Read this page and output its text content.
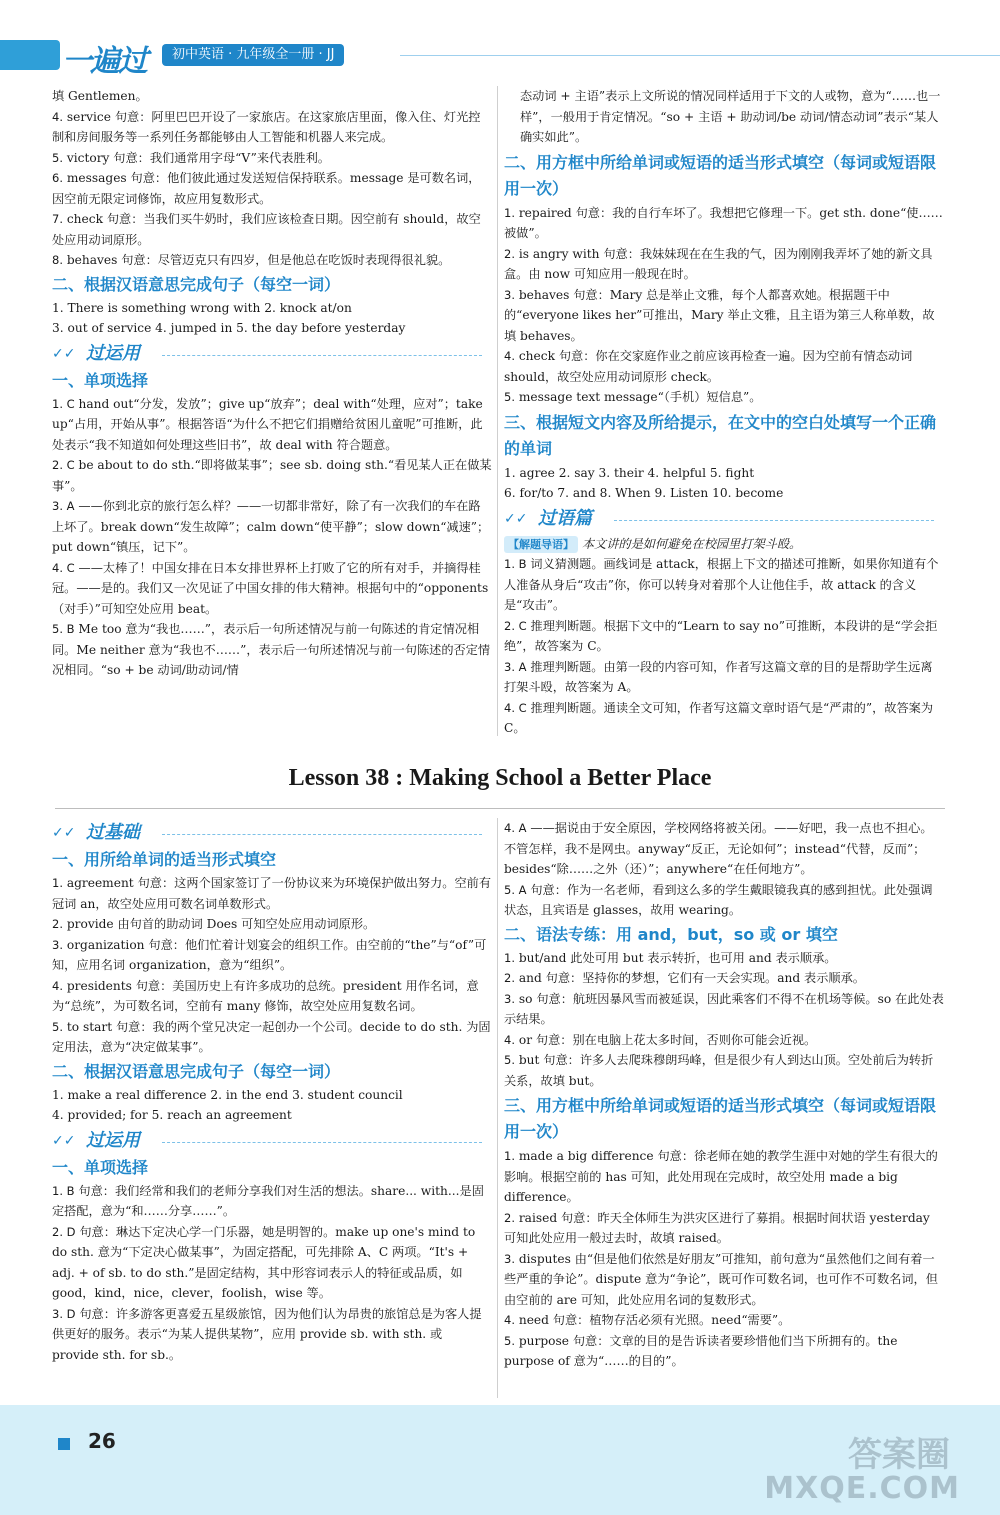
一遍过	初中英语 · 九年级全一册 · JJ

填 Gentlemen。

4. service 句意：阿里巴巴开设了一家旅店。在这家旅店里面，像入住、灯光控制和房间服务等一系列任务都能够由人工智能和机器人来完成。

5. victory 句意：我们通常用字母“V”来代表胜利。

6. messages 句意：他们彼此通过发送短信保持联系。message 是可数名词，因空前无限定词修饰，故应用复数形式。

7. check 句意：当我们买牛奶时，我们应该检查日期。因空前有 should，故空处应用动词原形。

8. behaves 句意：尽管迈克只有四岁，但是他总在吃饭时表现得很礼貌。

二、根据汉语意思完成句子（每空一词）

1. There is something wrong with 2. knock at/on

3. out of service 4. jumped in 5. the day before yesterday

✓✓ 过运用
一、单项选择

1. C hand out“分发，发放”；give up“放弃”；deal with“处理，应对”；take up“占用，开始从事”。根据答语“为什么不把它们捐赠给贫困儿童呢”可推断，此处表示“我不知道如何处理这些旧书”，故 deal with 符合题意。

2. C be about to do sth.“即将做某事”；see sb. doing sth.“看见某人正在做某事”。

3. A ——你到北京的旅行怎么样？——一切都非常好，除了有一次我们的车在路上坏了。break down“发生故障”；calm down“使平静”；slow down“减速”；put down“镇压，记下”。

4. C ——太棒了！中国女排在日本女排世界杯上打败了它的所有对手，并摘得桂冠。——是的。我们又一次见证了中国女排的伟大精神。根据句中的“opponents（对手）”可知空处应用 beat。

5. B Me too 意为“我也……”，表示后一句所述情况与前一句陈述的肯定情况相同。Me neither 意为“我也不……”，表示后一句所述情况与前一句陈述的否定情况相同。“so + be 动词/助动词/情

态动词 + 主语”表示上文所说的情况同样适用于下文的人或物，意为“……也一样”，一般用于肯定情况。“so + 主语 + 助动词/be 动词/情态动词”表示“某人确实如此”。

二、用方框中所给单词或短语的适当形式填空（每词或短语限用一次）

1. repaired 句意：我的自行车坏了。我想把它修理一下。get sth. done“使……被做”。

2. is angry with 句意：我妹妹现在在生我的气，因为刚刚我弄坏了她的新文具盒。由 now 可知应用一般现在时。

3. behaves 句意：Mary 总是举止文雅，每个人都喜欢她。根据题干中的“everyone likes her”可推出，Mary 举止文雅，且主语为第三人称单数，故填 behaves。

4. check 句意：你在交家庭作业之前应该再检查一遍。因为空前有情态动词 should，故空处应用动词原形 check。

5. message text message“（手机）短信息”。

三、根据短文内容及所给提示，在文中的空白处填写一个正确的单词

1. agree 2. say 3. their 4. helpful 5. fight

6. for/to 7. and 8. When 9. Listen 10. become

✓✓ 过语篇

【解题导语】 本文讲的是如何避免在校园里打架斗殴。

1. B 词义猜测题。画线词是 attack，根据上下文的描述可推断，如果你知道有个人准备从身后“攻击”你，你可以转身对着那个人让他住手，故 attack 的含义是“攻击”。

2. C 推理判断题。根据下文中的“Learn to say no”可推断，本段讲的是“学会拒绝”，故答案为 C。

3. A 推理判断题。由第一段的内容可知，作者写这篇文章的目的是帮助学生远离打架斗殴，故答案为 A。

4. C 推理判断题。通读全文可知，作者写这篇文章时语气是“严肃的”，故答案为 C。

Lesson 38 : Making School a Better Place
✓✓ 过基础
一、用所给单词的适当形式填空

1. agreement 句意：这两个国家签订了一份协议来为环境保护做出努力。空前有冠词 an，故空处应用可数名词单数形式。

2. provide 由句首的助动词 Does 可知空处应用动词原形。

3. organization 句意：他们忙着计划宴会的组织工作。由空前的“the”与“of”可知，应用名词 organization，意为“组织”。

4. presidents 句意：美国历史上有许多成功的总统。president 用作名词，意为“总统”，为可数名词，空前有 many 修饰，故空处应用复数名词。

5. to start 句意：我的两个堂兄决定一起创办一个公司。decide to do sth. 为固定用法，意为“决定做某事”。

二、根据汉语意思完成句子（每空一词）

1. make a real difference 2. in the end 3. student council

4. provided; for 5. reach an agreement

✓✓ 过运用
一、单项选择

1. B 句意：我们经常和我们的老师分享我们对生活的想法。share... with...是固定搭配，意为“和……分享……”。

2. D 句意：琳达下定决心学一门乐器，她是明智的。make up one's mind to do sth. 意为“下定决心做某事”，为固定搭配，可先排除 A、C 两项。“It's + adj. + of sb. to do sth.”是固定结构，其中形容词表示人的特征或品质，如 good，kind，nice，clever，foolish，wise 等。

3. D 句意：许多游客更喜爱五星级旅馆，因为他们认为昂贵的旅馆总是为客人提供更好的服务。表示“为某人提供某物”，应用 provide sb. with sth. 或 provide sth. for sb.。

4. A ——据说由于安全原因，学校网络将被关闭。——好吧，我一点也不担心。不管怎样，我不是网虫。anyway“反正，无论如何”；instead“代替，反而”；besides“除……之外（还）”；anywhere“在任何地方”。

5. A 句意：作为一名老师，看到这么多的学生戴眼镜我真的感到担忧。此处强调状态，且宾语是 glasses，故用 wearing。

二、语法专练：用 and，but，so 或 or 填空

1. but/and 此处可用 but 表示转折，也可用 and 表示顺承。

2. and 句意：坚持你的梦想，它们有一天会实现。and 表示顺承。

3. so 句意：航班因暴风雪而被延误，因此乘客们不得不在机场等候。so 在此处表示结果。

4. or 句意：别在电脑上花太多时间，否则你可能会近视。

5. but 句意：许多人去爬珠穆朗玛峰，但是很少有人到达山顶。空处前后为转折关系，故填 but。

三、用方框中所给单词或短语的适当形式填空（每词或短语限用一次）

1. made a big difference 句意：徐老师在她的教学生涯中对她的学生有很大的影响。根据空前的 has 可知，此处用现在完成时，故空处用 made a big difference。

2. raised 句意：昨天全体师生为洪灾区进行了募捐。根据时间状语 yesterday 可知此处应用一般过去时，故填 raised。

3. disputes 由“但是他们依然是好朋友”可推知，前句意为“虽然他们之间有着一些严重的争论”。dispute 意为“争论”，既可作可数名词，也可作不可数名词，但由空前的 are 可知，此处应用名词的复数形式。

4. need 句意：植物存活必须有光照。need“需要”。

5. purpose 句意：文章的目的是告诉读者要珍惜他们当下所拥有的。the purpose of 意为“……的目的”。

26	答案圈
MXQE.COM
